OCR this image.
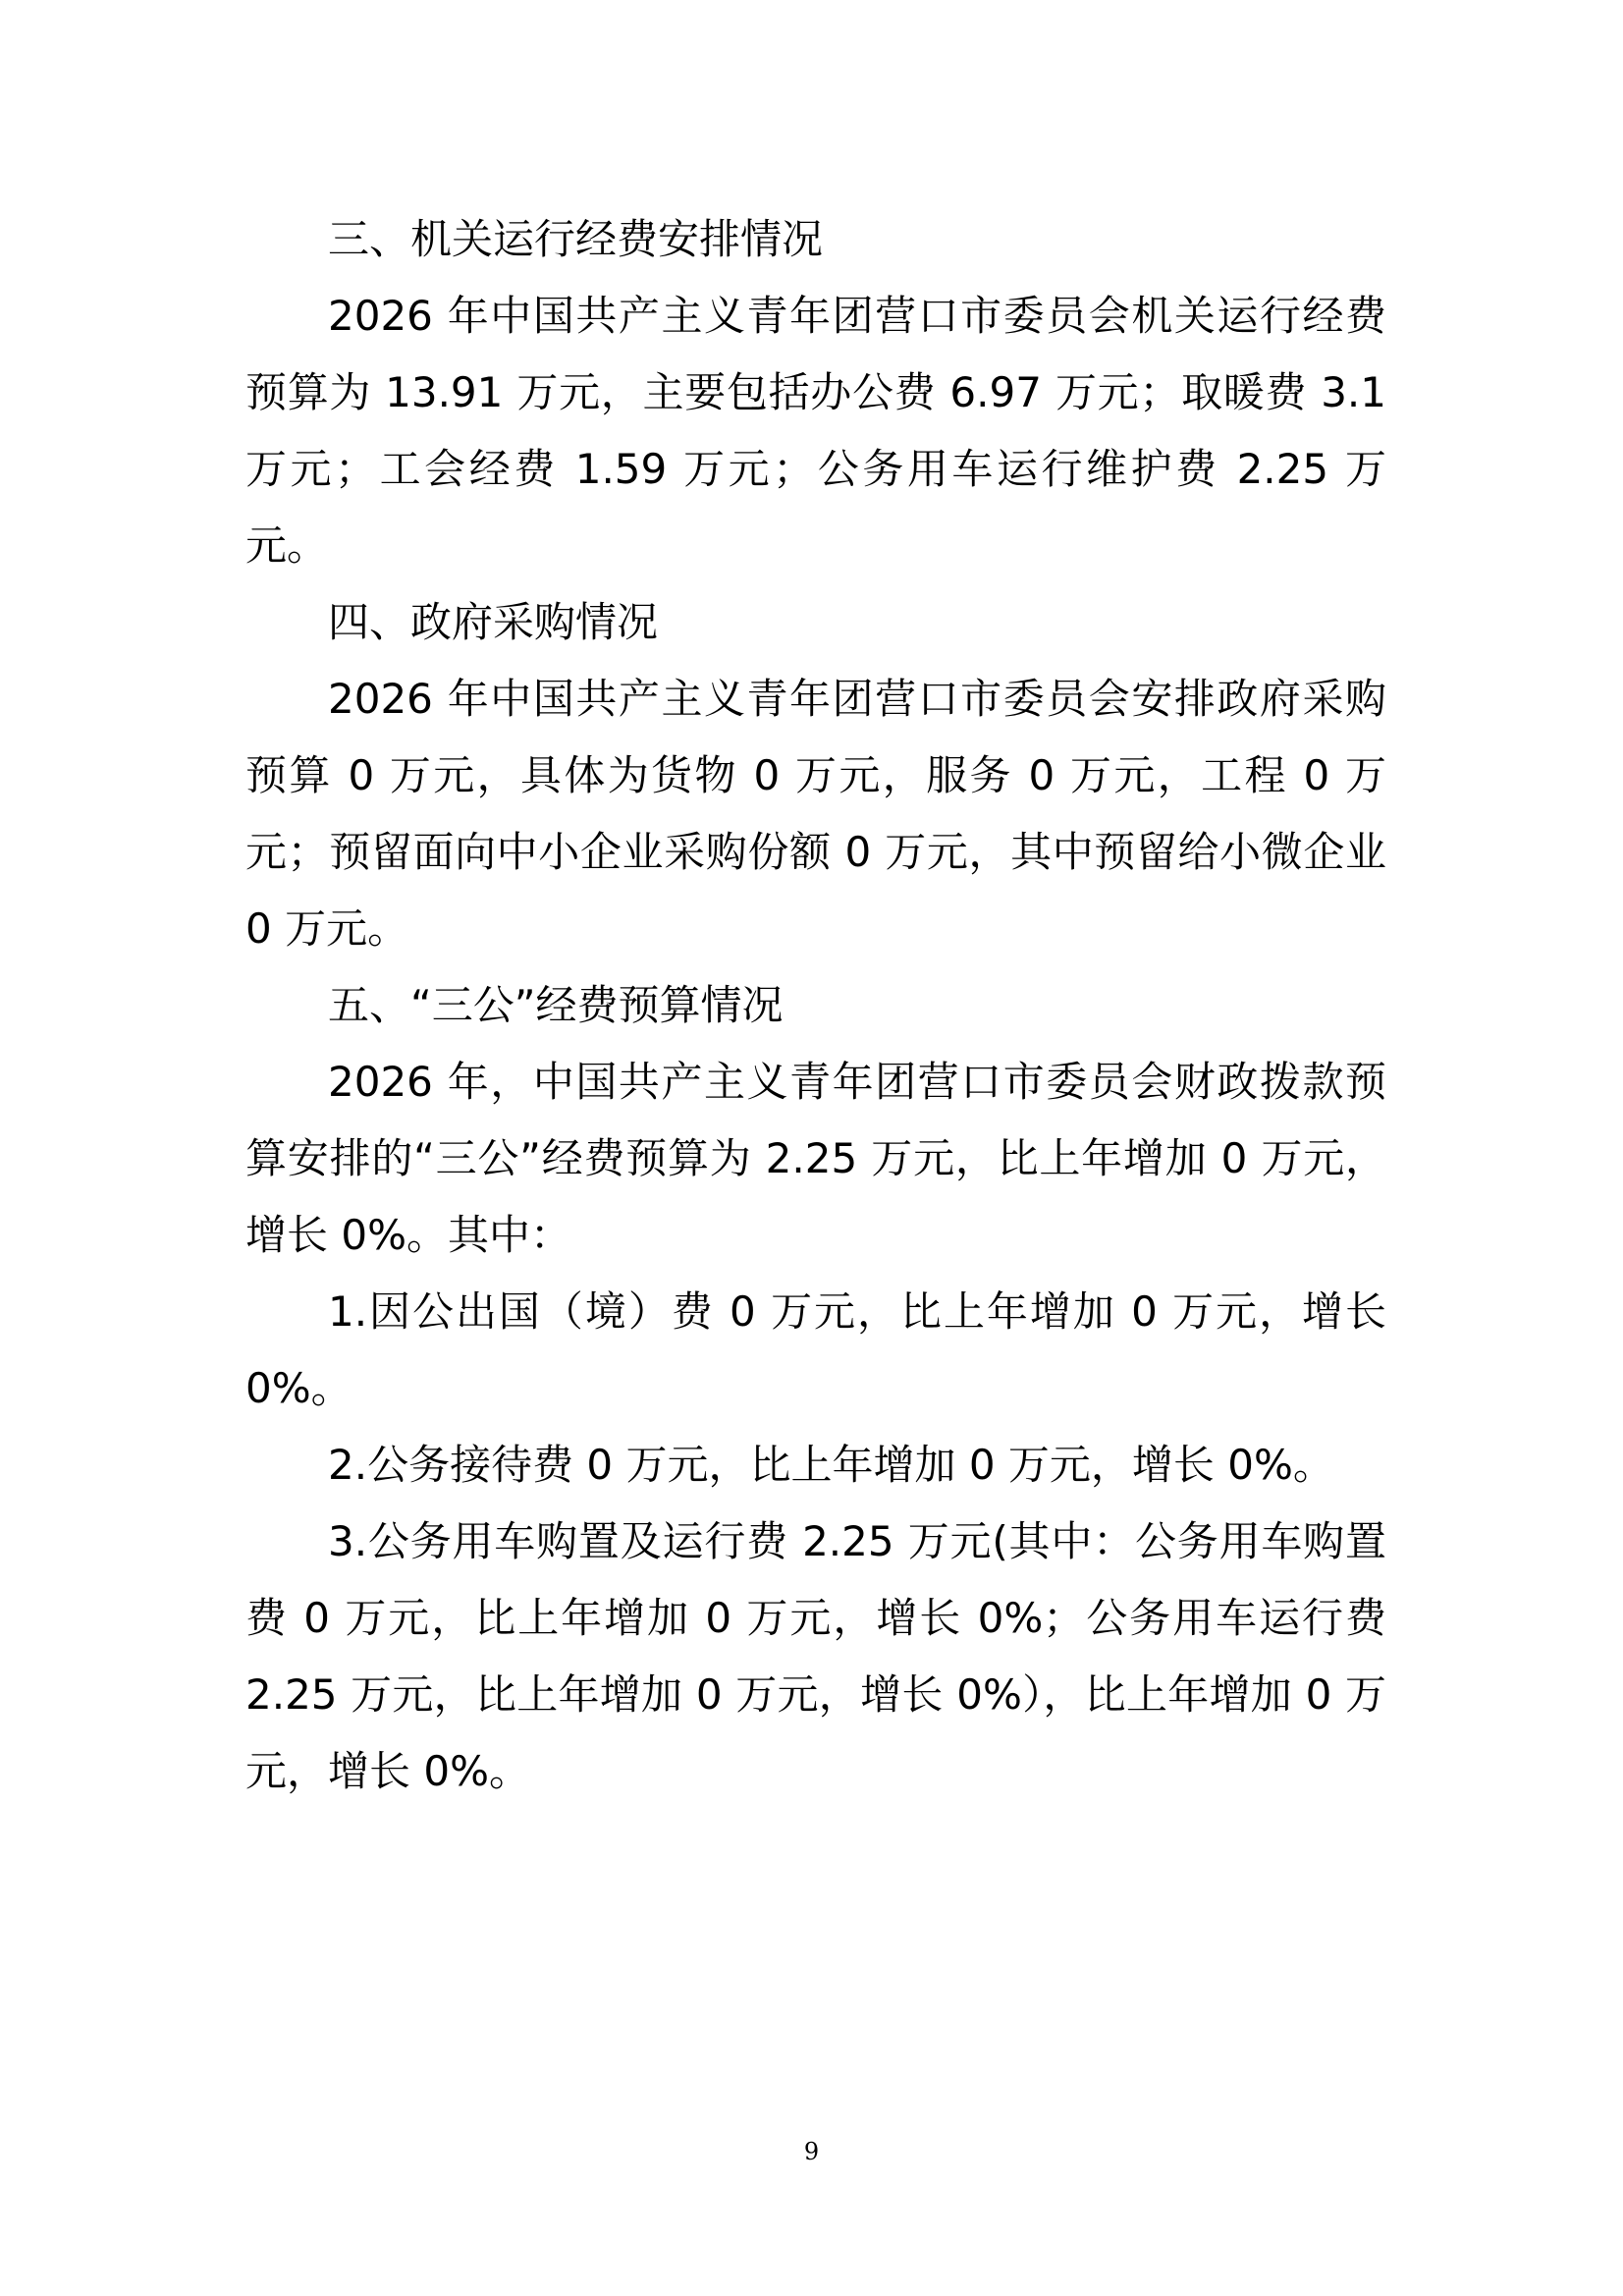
三、机关运行经费安排情况

2026 年中国共产主义青年团营口市委员会机关运行经费预算为 13.91 万元，主要包括办公费 6.97 万元；取暖费 3.1 万元；工会经费 1.59 万元；公务用车运行维护费 2.25 万元。

四、政府采购情况

2026 年中国共产主义青年团营口市委员会安排政府采购预算 0 万元，具体为货物 0 万元，服务 0 万元，工程 0 万元；预留面向中小企业采购份额 0 万元，其中预留给小微企业 0 万元。

五、“三公”经费预算情况

2026 年，中国共产主义青年团营口市委员会财政拨款预算安排的“三公”经费预算为 2.25 万元，比上年增加 0 万元，增长 0%。其中：

1.因公出国（境）费 0 万元，比上年增加 0 万元，增长 0%。

2.公务接待费 0 万元，比上年增加 0 万元，增长 0%。

3.公务用车购置及运行费 2.25 万元(其中：公务用车购置费 0 万元，比上年增加 0 万元，增长 0%；公务用车运行费 2.25 万元，比上年增加 0 万元，增长 0%），比上年增加 0 万元，增长 0%。

9
